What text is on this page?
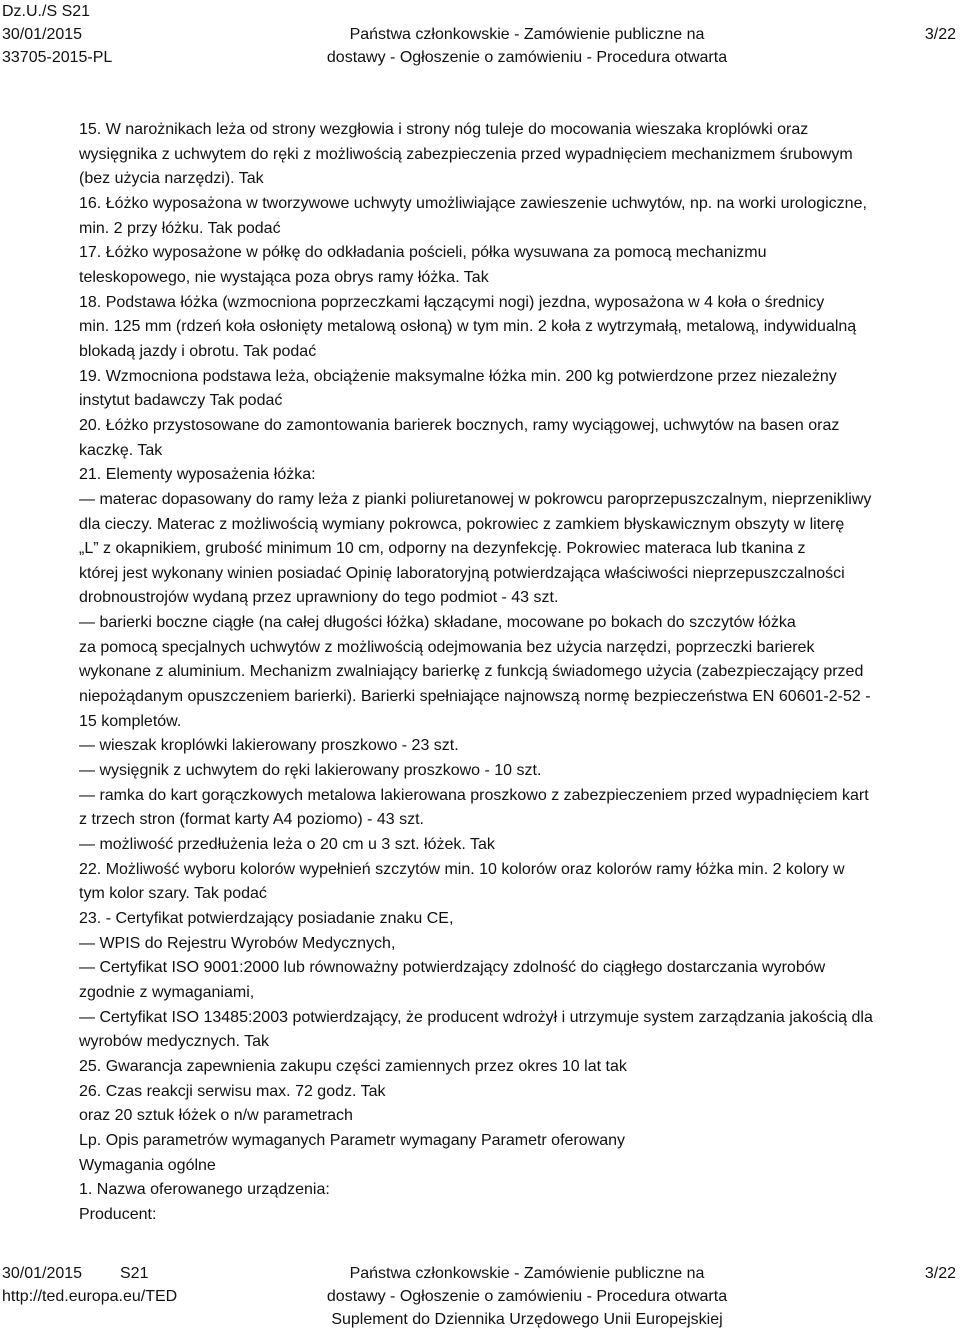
Dz.U./S S21
30/01/2015
33705-2015-PL
Państwa członkowskie - Zamówienie publiczne na
dostawy - Ogłoszenie o zamówieniu - Procedura otwarta
3/22
15. W narożnikach leża od strony wezgłowia i strony nóg tuleje do mocowania wieszaka kroplówki oraz
wysięgnika z uchwytem do ręki z możliwością zabezpieczenia przed wypadnięciem mechanizmem śrubowym
(bez użycia narzędzi). Tak
16. Łóżko wyposażona w tworzywowe uchwyty umożliwiające zawieszenie uchwytów, np. na worki urologiczne,
min. 2 przy łóżku. Tak podać
17. Łóżko wyposażone w półkę do odkładania pościeli, półka wysuwana za pomocą mechanizmu
teleskopowego, nie wystająca poza obrys ramy łóżka. Tak
18. Podstawa łóżka (wzmocniona poprzeczkami łączącymi nogi) jezdna, wyposażona w 4 koła o średnicy
min. 125 mm (rdzeń koła osłonięty metalową osłoną) w tym min. 2 koła z wytrzymałą, metalową, indywidualną
blokadą jazdy i obrotu. Tak podać
19. Wzmocniona podstawa leża, obciążenie maksymalne łóżka min. 200 kg potwierdzone przez niezależny
instytut badawczy Tak podać
20. Łóżko przystosowane do zamontowania barierek bocznych, ramy wyciągowej, uchwytów na basen oraz
kaczkę. Tak
21. Elementy wyposażenia łóżka:
— materac dopasowany do ramy leża z pianki poliuretanowej w pokrowcu paroprzepuszczalnym, nieprzenikliwy
dla cieczy. Materac z możliwością wymiany pokrowca, pokrowiec z zamkiem błyskawicznym obszyty w literę
„L” z okapnikiem, grubość minimum 10 cm, odporny na dezynfekcję. Pokrowiec materaca lub tkanina z
której jest wykonany winien posiadać Opinię laboratoryjną potwierdzająca właściwości nieprzepuszczalności
drobnoustrojów wydaną przez uprawniony do tego podmiot - 43 szt.
— barierki boczne ciągłe (na całej długości łóżka) składane, mocowane po bokach do szczytów łóżka
za pomocą specjalnych uchwytów z możliwością odejmowania bez użycia narzędzi, poprzeczki barierek
wykonane z aluminium. Mechanizm zwalniający barierkę z funkcją świadomego użycia (zabezpieczający przed
niepożądanym opuszczeniem barierki). Barierki spełniające najnowszą normę bezpieczeństwa EN 60601-2-52 -
15 kompletów.
— wieszak kroplówki lakierowany proszkowo - 23 szt.
— wysięgnik z uchwytem do ręki lakierowany proszkowo - 10 szt.
— ramka do kart gorączkowych metalowa lakierowana proszkowo z zabezpieczeniem przed wypadnięciem kart
z trzech stron (format karty A4 poziomo) - 43 szt.
— możliwość przedłużenia leża o 20 cm u 3 szt. łóżek. Tak
22. Możliwość wyboru kolorów wypełnień szczytów min. 10 kolorów oraz kolorów ramy łóżka min. 2 kolory w
tym kolor szary. Tak podać
23. - Certyfikat potwierdzający posiadanie znaku CE,
— WPIS do Rejestru Wyrobów Medycznych,
— Certyfikat ISO 9001:2000 lub równoważny potwierdzający zdolność do ciągłego dostarczania wyrobów
zgodnie z wymaganiami,
— Certyfikat ISO 13485:2003 potwierdzający, że producent wdrożył i utrzymuje system zarządzania jakością dla
wyrobów medycznych. Tak
25. Gwarancja zapewnienia zakupu części zamiennych przez okres 10 lat tak
26. Czas reakcji serwisu max. 72 godz. Tak
oraz 20 sztuk łóżek o n/w parametrach
Lp. Opis parametrów wymaganych Parametr wymagany Parametr oferowany
Wymagania ogólne
1. Nazwa oferowanego urządzenia:
Producent:
30/01/2015 S21
http://ted.europa.eu/TED
Państwa członkowskie - Zamówienie publiczne na
dostawy - Ogłoszenie o zamówieniu - Procedura otwarta
Suplement do Dziennika Urzędowego Unii Europejskiej
3/22
